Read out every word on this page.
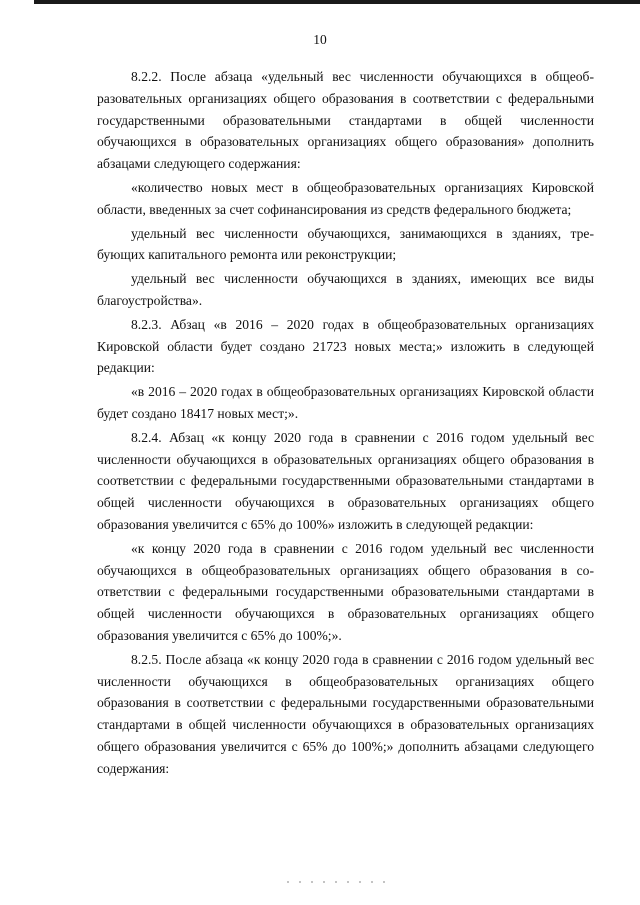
10

8.2.2. После абзаца «удельный вес численности обучающихся в общеобразовательных организациях общего образования в соответствии с федеральными государственными образовательными стандартами в общей численности обучающихся в образовательных организациях общего образования» дополнить абзацами следующего содержания:

«количество новых мест в общеобразовательных организациях Кировской области, введенных за счет софинансирования из средств федерального бюджета;

удельный вес численности обучающихся, занимающихся в зданиях, требующих капитального ремонта или реконструкции;

удельный вес численности обучающихся в зданиях, имеющих все виды благоустройства».

8.2.3. Абзац «в 2016 – 2020 годах в общеобразовательных организациях Кировской области будет создано 21723 новых места;» изложить в следующей редакции:

«в 2016 – 2020 годах в общеобразовательных организациях Кировской области будет создано 18417 новых мест;».

8.2.4. Абзац «к концу 2020 года в сравнении с 2016 годом удельный вес численности обучающихся в образовательных организациях общего образования в соответствии с федеральными государственными образовательными стандартами в общей численности обучающихся в образовательных организациях общего образования увеличится с 65% до 100%» изложить в следующей редакции:

«к концу 2020 года в сравнении с 2016 годом удельный вес численности обучающихся в общеобразовательных организациях общего образования в соответствии с федеральными государственными образовательными стандартами в общей численности обучающихся в образовательных организациях общего образования увеличится с 65% до 100%;».

8.2.5. После абзаца «к концу 2020 года в сравнении с 2016 годом удельный вес численности обучающихся в общеобразовательных организациях общего образования в соответствии с федеральными государственными образовательными стандартами в общей численности обучающихся в образовательных организациях общего образования увеличится с 65% до 100%;» дополнить абзацами следующего содержания:
